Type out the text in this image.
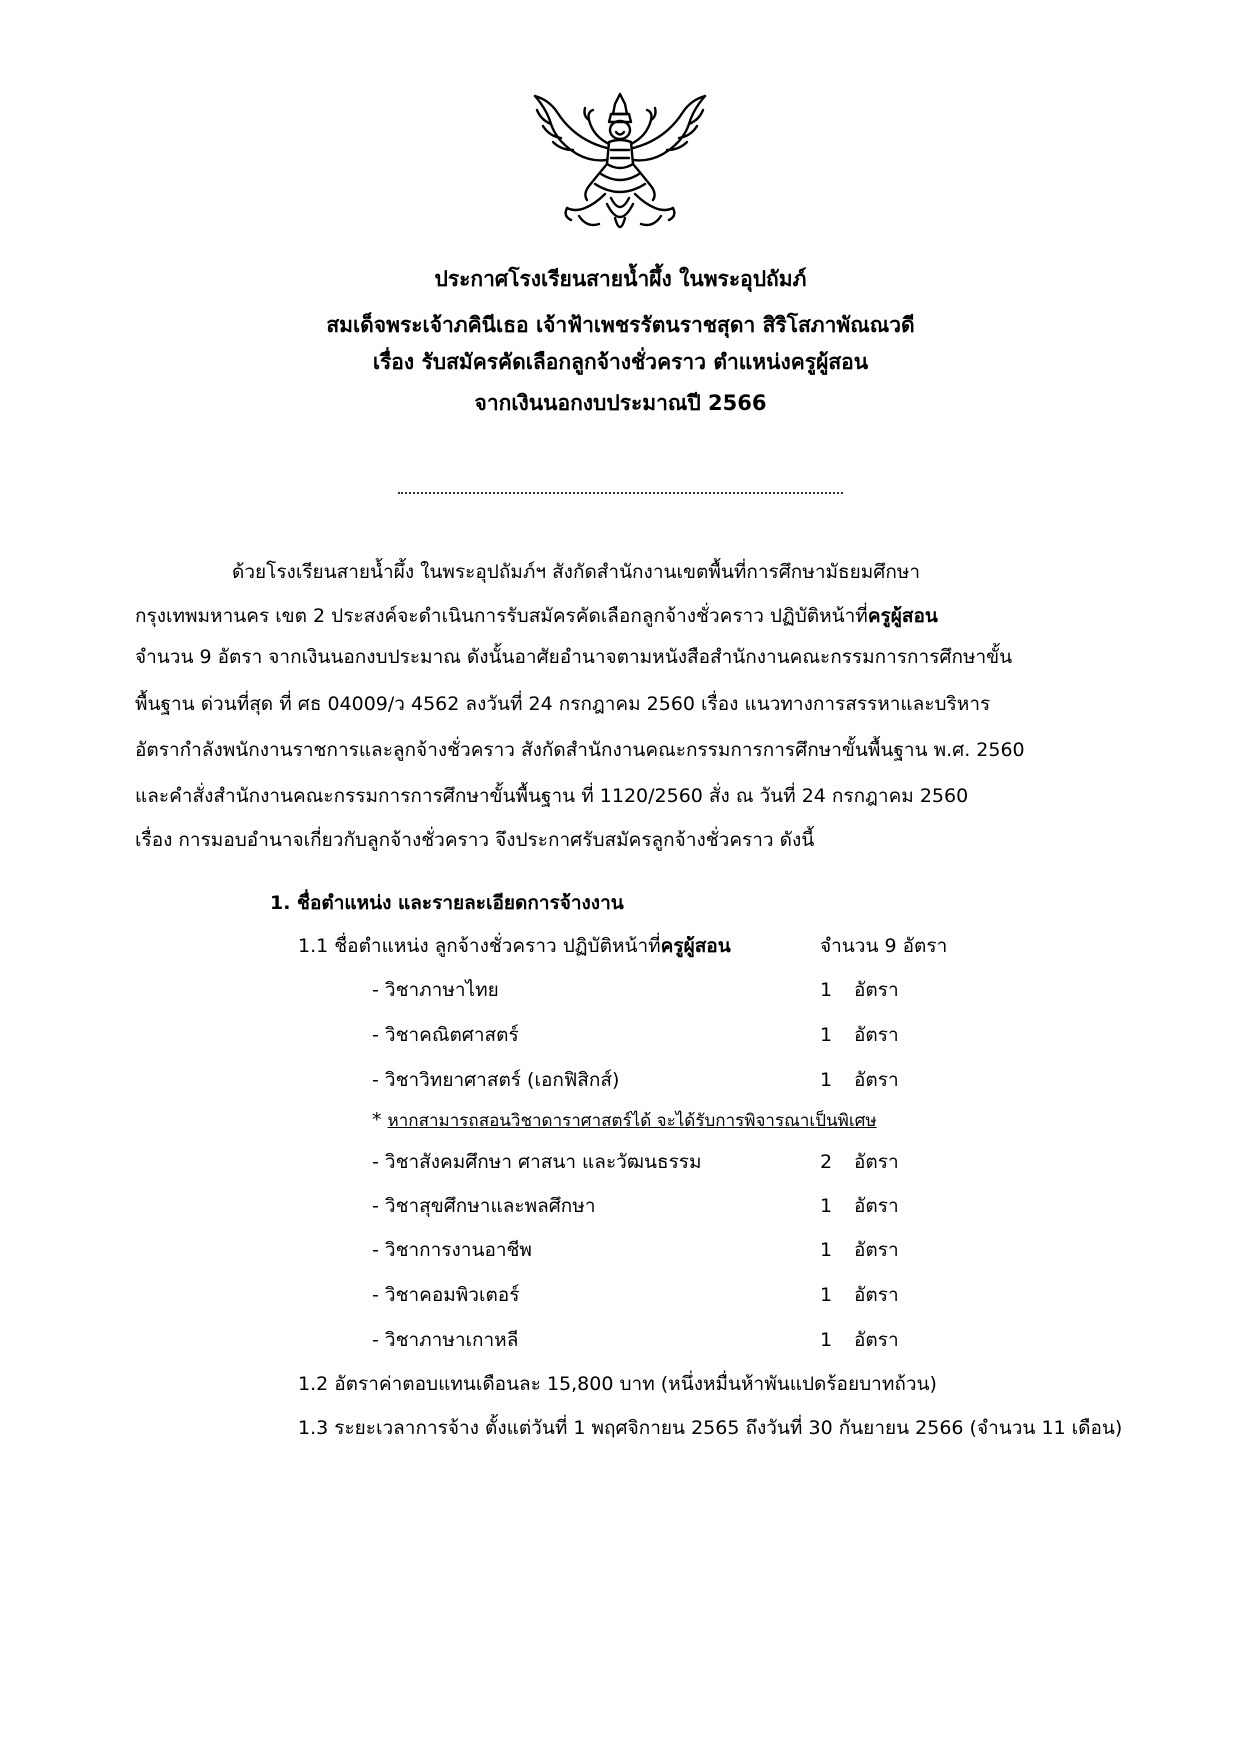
ประกาศโรงเรียนสายน้ำผึ้ง ในพระอุปถัมภ์
สมเด็จพระเจ้าภคินีเธอ เจ้าฟ้าเพชรรัตนราชสุดา สิริโสภาพัณณวดี
เรื่อง รับสมัครคัดเลือกลูกจ้างชั่วคราว ตำแหน่งครูผู้สอน
จากเงินนอกงบประมาณปี 2566
ด้วยโรงเรียนสายน้ำผึ้ง ในพระอุปถัมภ์ฯ สังกัดสำนักงานเขตพื้นที่การศึกษามัธยมศึกษา
กรุงเทพมหานคร เขต 2 ประสงค์จะดำเนินการรับสมัครคัดเลือกลูกจ้างชั่วคราว ปฏิบัติหน้าที่ครูผู้สอน
จำนวน 9 อัตรา จากเงินนอกงบประมาณ ดังนั้นอาศัยอำนาจตามหนังสือสำนักงานคณะกรรมการการศึกษาขั้น
พื้นฐาน ด่วนที่สุด ที่ ศธ 04009/ว 4562 ลงวันที่ 24 กรกฎาคม 2560 เรื่อง แนวทางการสรรหาและบริหาร
อัตรากำลังพนักงานราชการและลูกจ้างชั่วคราว สังกัดสำนักงานคณะกรรมการการศึกษาขั้นพื้นฐาน พ.ศ. 2560
และคำสั่งสำนักงานคณะกรรมการการศึกษาขั้นพื้นฐาน ที่ 1120/2560 สั่ง ณ วันที่ 24 กรกฎาคม 2560
เรื่อง การมอบอำนาจเกี่ยวกับลูกจ้างชั่วคราว จึงประกาศรับสมัครลูกจ้างชั่วคราว ดังนี้
1. ชื่อตำแหน่ง และรายละเอียดการจ้างงาน
1.1 ชื่อตำแหน่ง ลูกจ้างชั่วคราว ปฏิบัติหน้าที่ครูผู้สอน	จำนวน 9 อัตรา
- วิชาภาษาไทย	1 อัตรา
- วิชาคณิตศาสตร์	1 อัตรา
- วิชาวิทยาศาสตร์ (เอกฟิสิกส์)	1 อัตรา
* หากสามารถสอนวิชาดาราศาสตร์ได้ จะได้รับการพิจารณาเป็นพิเศษ
- วิชาสังคมศึกษา ศาสนา และวัฒนธรรม	2 อัตรา
- วิชาสุขศึกษาและพลศึกษา	1 อัตรา
- วิชาการงานอาชีพ	1 อัตรา
- วิชาคอมพิวเตอร์	1 อัตรา
- วิชาภาษาเกาหลี	1 อัตรา
1.2 อัตราค่าตอบแทนเดือนละ 15,800 บาท (หนึ่งหมื่นห้าพันแปดร้อยบาทถ้วน)
1.3 ระยะเวลาการจ้าง ตั้งแต่วันที่ 1 พฤศจิกายน 2565 ถึงวันที่ 30 กันยายน 2566 (จำนวน 11 เดือน)
